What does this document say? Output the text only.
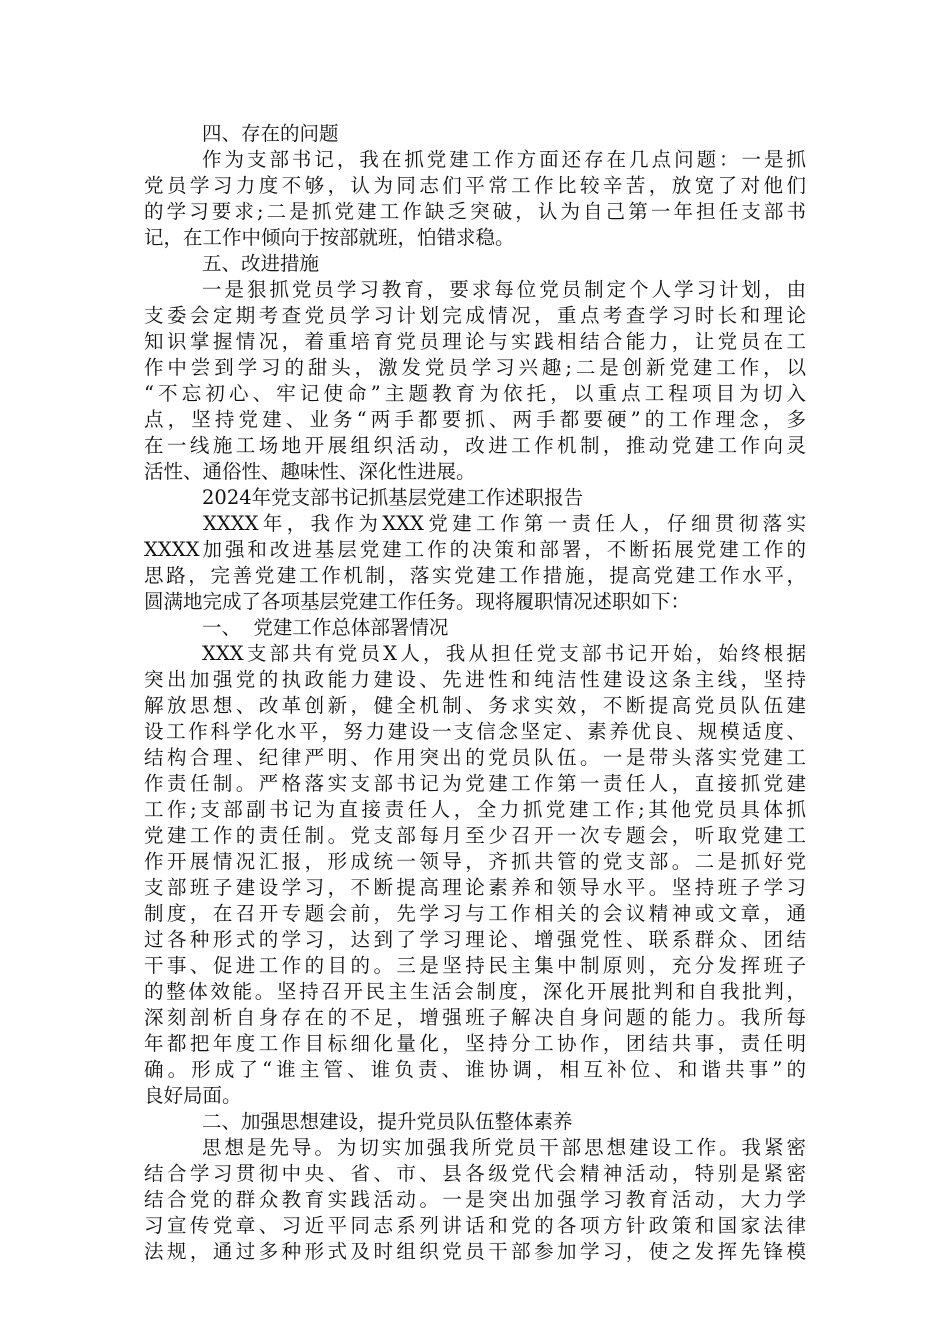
四、存在的问题
作为支部书记，我在抓党建工作方面还存在几点问题：一是抓
党员学习力度不够，认为同志们平常工作比较辛苦，放宽了对他们
的学习要求;二是抓党建工作缺乏突破，认为自己第一年担任支部书
记，在工作中倾向于按部就班，怕错求稳。
五、改进措施
一是狠抓党员学习教育，要求每位党员制定个人学习计划，由
支委会定期考查党员学习计划完成情况，重点考查学习时长和理论
知识掌握情况，着重培育党员理论与实践相结合能力，让党员在工
作中尝到学习的甜头，激发党员学习兴趣;二是创新党建工作，以
“不忘初心、牢记使命”主题教育为依托，以重点工程项目为切入
点，坚持党建、业务“两手都要抓、两手都要硬”的工作理念，多
在一线施工场地开展组织活动，改进工作机制，推动党建工作向灵
活性、通俗性、趣味性、深化性进展。
2024年党支部书记抓基层党建工作述职报告
XXXX年，我作为XXX党建工作第一责任人，仔细贯彻落实
XXXX加强和改进基层党建工作的决策和部署，不断拓展党建工作的
思路，完善党建工作机制，落实党建工作措施，提高党建工作水平，
圆满地完成了各项基层党建工作任务。现将履职情况述职如下：
一、  党建工作总体部署情况
XXX支部共有党员X人，我从担任党支部书记开始，始终根据
突出加强党的执政能力建设、先进性和纯洁性建设这条主线，坚持
解放思想、改革创新，健全机制、务求实效，不断提高党员队伍建
设工作科学化水平，努力建设一支信念坚定、素养优良、规模适度、
结构合理、纪律严明、作用突出的党员队伍。一是带头落实党建工
作责任制。严格落实支部书记为党建工作第一责任人，直接抓党建
工作;支部副书记为直接责任人，全力抓党建工作;其他党员具体抓
党建工作的责任制。党支部每月至少召开一次专题会，听取党建工
作开展情况汇报，形成统一领导，齐抓共管的党支部。二是抓好党
支部班子建设学习，不断提高理论素养和领导水平。坚持班子学习
制度，在召开专题会前，先学习与工作相关的会议精神或文章，通
过各种形式的学习，达到了学习理论、增强党性、联系群众、团结
干事、促进工作的目的。三是坚持民主集中制原则，充分发挥班子
的整体效能。坚持召开民主生活会制度，深化开展批判和自我批判，
深刻剖析自身存在的不足，增强班子解决自身问题的能力。我所每
年都把年度工作目标细化量化，坚持分工协作，团结共事，责任明
确。形成了“谁主管、谁负责、谁协调，相互补位、和谐共事”的
良好局面。
二、加强思想建设，提升党员队伍整体素养
思想是先导。为切实加强我所党员干部思想建设工作。我紧密
结合学习贯彻中央、省、市、县各级党代会精神活动，特别是紧密
结合党的群众教育实践活动。一是突出加强学习教育活动，大力学
习宣传党章、习近平同志系列讲话和党的各项方针政策和国家法律
法规，通过多种形式及时组织党员干部参加学习，使之发挥先锋模
